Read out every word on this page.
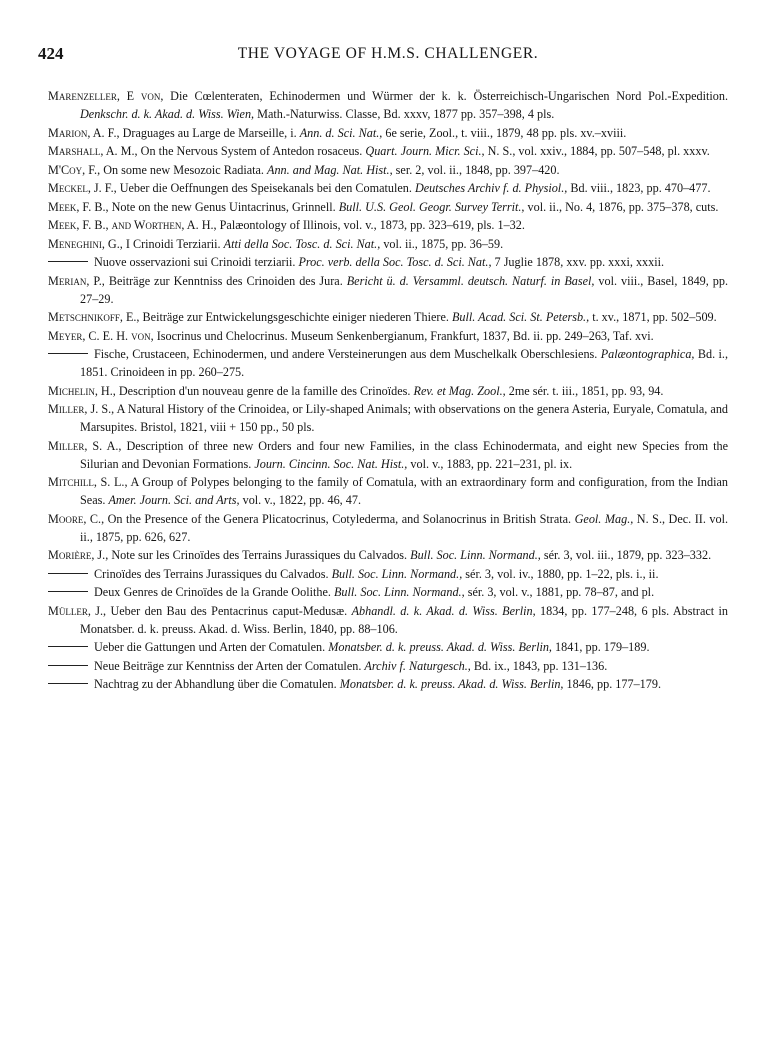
424	THE VOYAGE OF H.M.S. CHALLENGER.
Marenzeller, E von, Die Cœlenteraten, Echinodermen und Würmer der k. k. Österreichisch-Ungarischen Nord Pol.-Expedition. Denkschr. d. k. Akad. d. Wiss. Wien, Math.-Naturwiss. Classe, Bd. xxxv, 1877 pp. 357–398, 4 pls.
Marion, A. F., Draguages au Large de Marseille, i. Ann. d. Sci. Nat., 6e serie, Zool., t. viii., 1879, 48 pp. pls. xv.–xviii.
Marshall, A. M., On the Nervous System of Antedon rosaceus. Quart. Journ. Micr. Sci., N. S., vol. xxiv., 1884, pp. 507–548, pl. xxxv.
M'Coy, F., On some new Mesozoic Radiata. Ann. and Mag. Nat. Hist., ser. 2, vol. ii., 1848, pp. 397–420.
Meckel, J. F., Ueber die Oeffnungen des Speisekanals bei den Comatulen. Deutsches Archiv f. d. Physiol., Bd. viii., 1823, pp. 470–477.
Meek, F. B., Note on the new Genus Uintacrinus, Grinnell. Bull. U.S. Geol. Geogr. Survey Territ., vol. ii., No. 4, 1876, pp. 375–378, cuts.
Meek, F. B., and Worthen, A. H., Palæontology of Illinois, vol. v., 1873, pp. 323–619, pls. 1–32.
Meneghini, G., I Crinoidi Terziarii. Atti della Soc. Tosc. d. Sci. Nat., vol. ii., 1875, pp. 36–59.
Nuove osservazioni sui Crinoidi terziarii. Proc. verb. della Soc. Tosc. d. Sci. Nat., 7 Juglie 1878, xxv. pp. xxxi, xxxii.
Merian, P., Beiträge zur Kenntniss des Crinoiden des Jura. Bericht ü. d. Versamml. deutsch. Naturf. in Basel, vol. viii., Basel, 1849, pp. 27–29.
Metschnikoff, E., Beiträge zur Entwickelungsgeschichte einiger niederen Thiere. Bull. Acad. Sci. St. Petersb., t. xv., 1871, pp. 502–509.
Meyer, C. E. H. von, Isocrinus und Chelocrinus. Museum Senkenbergianum, Frankfurt, 1837, Bd. ii. pp. 249–263, Taf. xvi.
Fische, Crustaceen, Echinodermen, und andere Versteinerungen aus dem Muschelkalk Oberschlesiens. Palæontographica, Bd. i., 1851. Crinoideen in pp. 260–275.
Michelin, H., Description d'un nouveau genre de la famille des Crinoïdes. Rev. et Mag. Zool., 2me sér. t. iii., 1851, pp. 93, 94.
Miller, J. S., A Natural History of the Crinoidea, or Lily-shaped Animals; with observations on the genera Asteria, Euryale, Comatula, and Marsupites. Bristol, 1821, viii + 150 pp., 50 pls.
Miller, S. A., Description of three new Orders and four new Families, in the class Echinodermata, and eight new Species from the Silurian and Devonian Formations. Journ. Cincinn. Soc. Nat. Hist., vol. v., 1883, pp. 221–231, pl. ix.
Mitchill, S. L., A Group of Polypes belonging to the family of Comatula, with an extraordinary form and configuration, from the Indian Seas. Amer. Journ. Sci. and Arts, vol. v., 1822, pp. 46, 47.
Moore, C., On the Presence of the Genera Plicatocrinus, Cotylederma, and Solanocrinus in British Strata. Geol. Mag., N. S., Dec. II. vol. ii., 1875, pp. 626, 627.
Morière, J., Note sur les Crinoïdes des Terrains Jurassiques du Calvados. Bull. Soc. Linn. Normand., sér. 3, vol. iii., 1879, pp. 323–332.
Crinoïdes des Terrains Jurassiques du Calvados. Bull. Soc. Linn. Normand., sér. 3, vol. iv., 1880, pp. 1–22, pls. i., ii.
Deux Genres de Crinoïdes de la Grande Oolithe. Bull. Soc. Linn. Normand., sér. 3, vol. v., 1881, pp. 78–87, and pl.
Müller, J., Ueber den Bau des Pentacrinus caput-Medusæ. Abhandl. d. k. Akad. d. Wiss. Berlin, 1834, pp. 177–248, 6 pls. Abstract in Monatsber. d. k. preuss. Akad. d. Wiss. Berlin, 1840, pp. 88–106.
Ueber die Gattungen und Arten der Comatulen. Monatsber. d. k. preuss. Akad. d. Wiss. Berlin, 1841, pp. 179–189.
Neue Beiträge zur Kenntniss der Arten der Comatulen. Archiv f. Naturgesch., Bd. ix., 1843, pp. 131–136.
Nachtrag zu der Abhandlung über die Comatulen. Monatsber. d. k. preuss. Akad. d. Wiss. Berlin, 1846, pp. 177–179.
